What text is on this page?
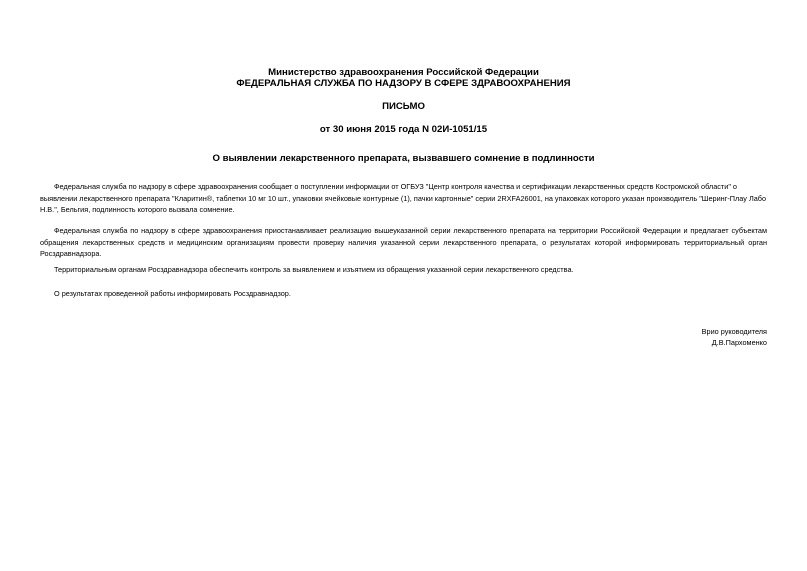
Министерство здравоохранения Российской Федерации
ФЕДЕРАЛЬНАЯ СЛУЖБА ПО НАДЗОРУ В СФЕРЕ ЗДРАВООХРАНЕНИЯ
ПИСЬМО
от 30 июня 2015 года N 02И-1051/15
О выявлении лекарственного препарата, вызвавшего сомнение в подлинности
Федеральная служба по надзору в сфере здравоохранения сообщает о поступлении информации от ОГБУЗ "Центр контроля качества и сертификации лекарственных средств Костромской области" о выявлении лекарственного препарата "Кларитин®, таблетки 10 мг 10 шт., упаковки ячейковые контурные (1), пачки картонные" серии 2RXFA26001, на упаковках которого указан производитель "Шеринг-Плау Лабо Н.В.", Бельгия, подлинность которого вызвала сомнение.
Федеральная служба по надзору в сфере здравоохранения приостанавливает реализацию вышеуказанной серии лекарственного препарата на территории Российской Федерации и предлагает субъектам обращения лекарственных средств и медицинским организациям провести проверку наличия указанной серии лекарственного препарата, о результатах которой информировать территориальный орган Росздравнадзора.
Территориальным органам Росздравнадзора обеспечить контроль за выявлением и изъятием из обращения указанной серии лекарственного средства.
О результатах проведенной работы информировать Росздравнадзор.
Врио руководителя
Д.В.Пархоменко
